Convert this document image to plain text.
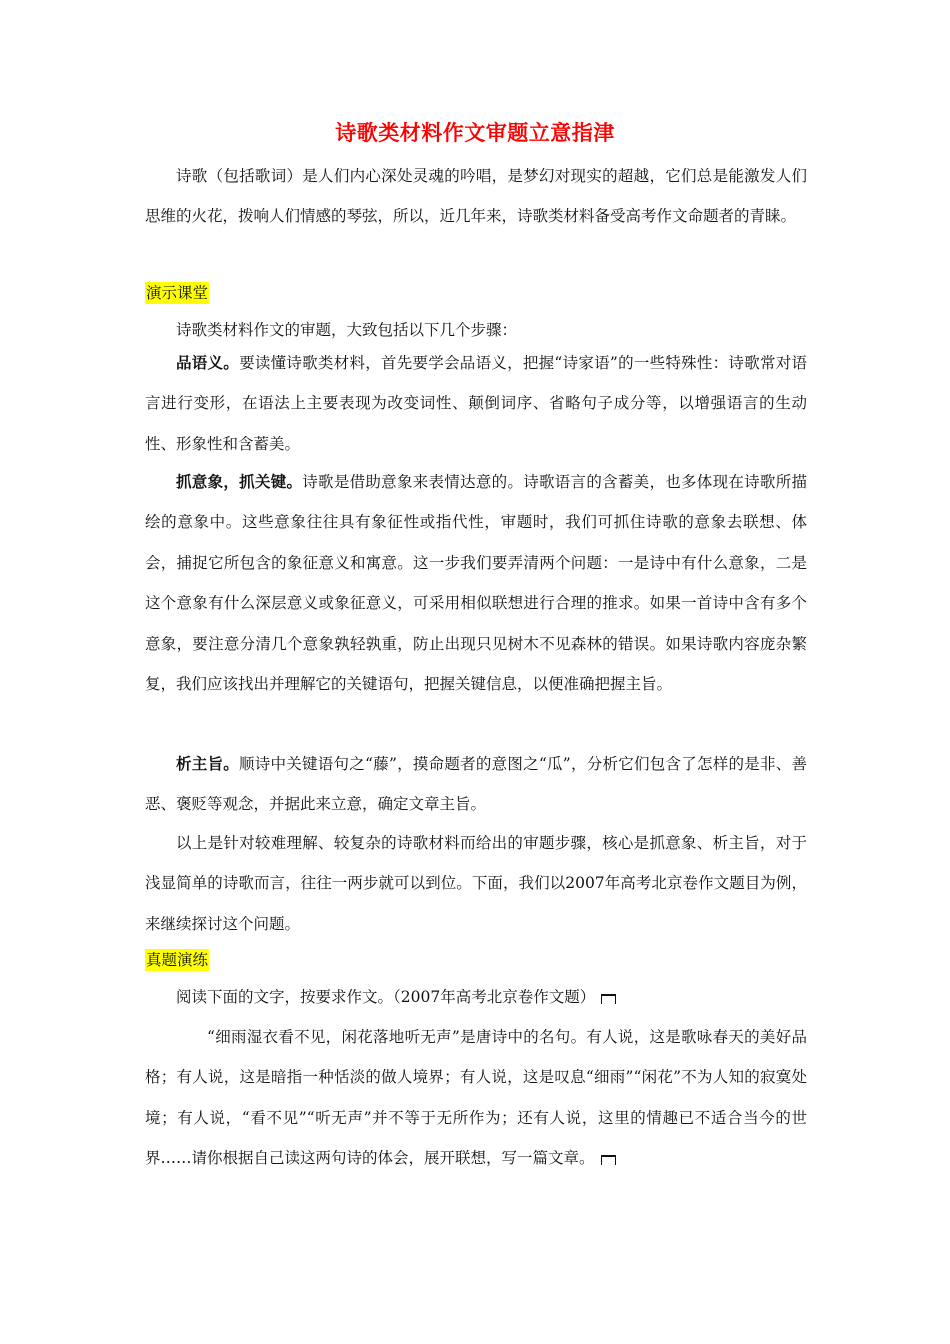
诗歌类材料作文审题立意指津

诗歌（包括歌词）是人们内心深处灵魂的吟唱，是梦幻对现实的超越，它们总是能激发人们思维的火花，拨响人们情感的琴弦，所以，近几年来，诗歌类材料备受高考作文命题者的青睐。

演示课堂

诗歌类材料作文的审题，大致包括以下几个步骤：

品语义。要读懂诗歌类材料，首先要学会品语义，把握“诗家语”的一些特殊性：诗歌常对语言进行变形，在语法上主要表现为改变词性、颠倒词序、省略句子成分等，以增强语言的生动性、形象性和含蓄美。

抓意象，抓关键。诗歌是借助意象来表情达意的。诗歌语言的含蓄美，也多体现在诗歌所描绘的意象中。这些意象往往具有象征性或指代性，审题时，我们可抓住诗歌的意象去联想、体会，捕捉它所包含的象征意义和寓意。这一步我们要弄清两个问题：一是诗中有什么意象，二是这个意象有什么深层意义或象征意义，可采用相似联想进行合理的推求。如果一首诗中含有多个意象，要注意分清几个意象孰轻孰重，防止出现只见树木不见森林的错误。如果诗歌内容庞杂繁复，我们应该找出并理解它的关键语句，把握关键信息，以便准确把握主旨。

析主旨。顺诗中关键语句之“藤”，摸命题者的意图之“瓜”，分析它们包含了怎样的是非、善恶、褒贬等观念，并据此来立意，确定文章主旨。

以上是针对较难理解、较复杂的诗歌材料而给出的审题步骤，核心是抓意象、析主旨，对于浅显简单的诗歌而言，往往一两步就可以到位。下面，我们以2007年高考北京卷作文题目为例，来继续探讨这个问题。

真题演练

阅读下面的文字，按要求作文。（2007年高考北京卷作文题）

“细雨湿衣看不见，闲花落地听无声”是唐诗中的名句。有人说，这是歌咏春天的美好品格；有人说，这是暗指一种恬淡的做人境界；有人说，这是叹息“细雨”“闲花”不为人知的寂寞处境；有人说，“看不见”“听无声”并不等于无所作为；还有人说，这里的情趣已不适合当今的世界……请你根据自己读这两句诗的体会，展开联想，写一篇文章。
